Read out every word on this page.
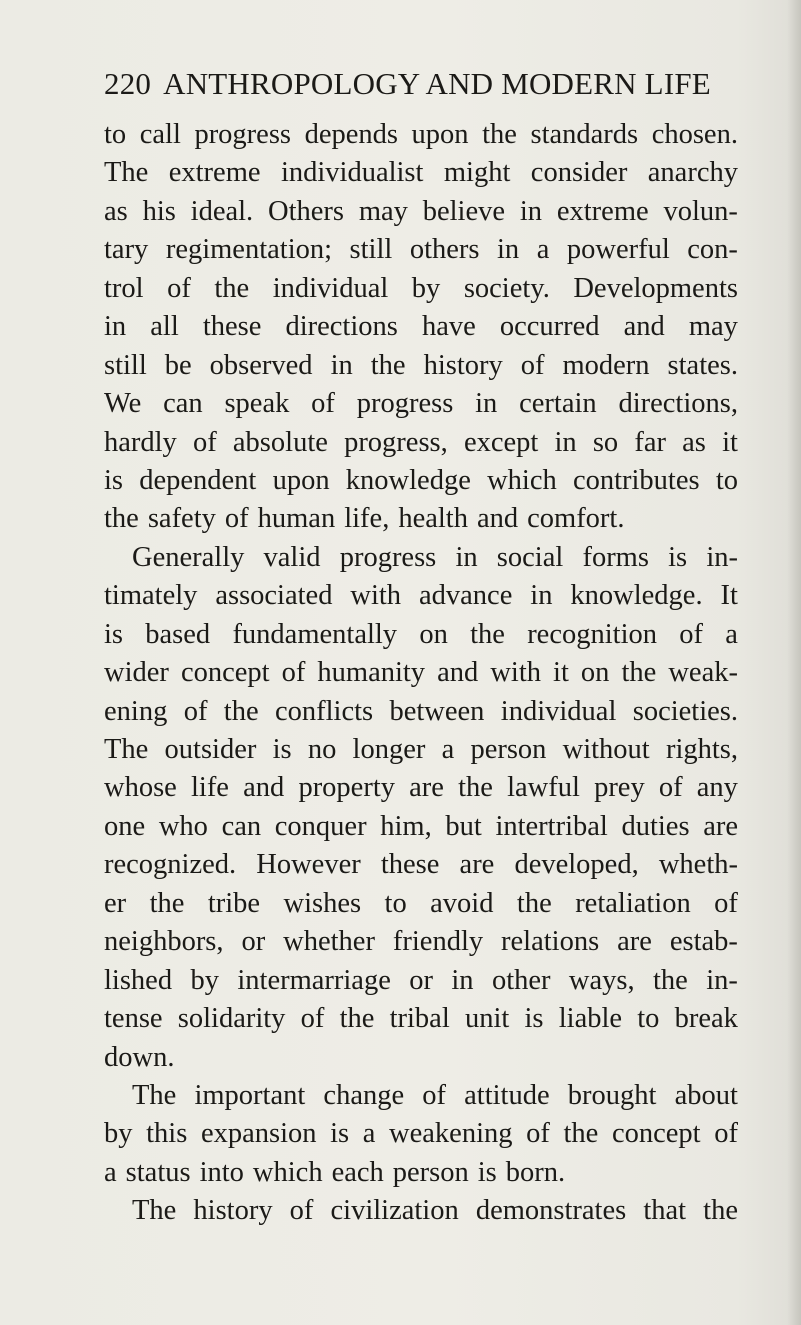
220 ANTHROPOLOGY AND MODERN LIFE
to call progress depends upon the standards chosen.
The extreme individualist might consider anarchy
as his ideal. Others may believe in extreme volun-
tary regimentation; still others in a powerful con-
trol of the individual by society. Developments
in all these directions have occurred and may
still be observed in the history of modern states.
We can speak of progress in certain directions,
hardly of absolute progress, except in so far as it
is dependent upon knowledge which contributes to
the safety of human life, health and comfort.
Generally valid progress in social forms is in-
timately associated with advance in knowledge. It
is based fundamentally on the recognition of a
wider concept of humanity and with it on the weak-
ening of the conflicts between individual societies.
The outsider is no longer a person without rights,
whose life and property are the lawful prey of any
one who can conquer him, but intertribal duties are
recognized. However these are developed, wheth-
er the tribe wishes to avoid the retaliation of
neighbors, or whether friendly relations are estab-
lished by intermarriage or in other ways, the in-
tense solidarity of the tribal unit is liable to break
down.
The important change of attitude brought about
by this expansion is a weakening of the concept of
a status into which each person is born.
The history of civilization demonstrates that the
